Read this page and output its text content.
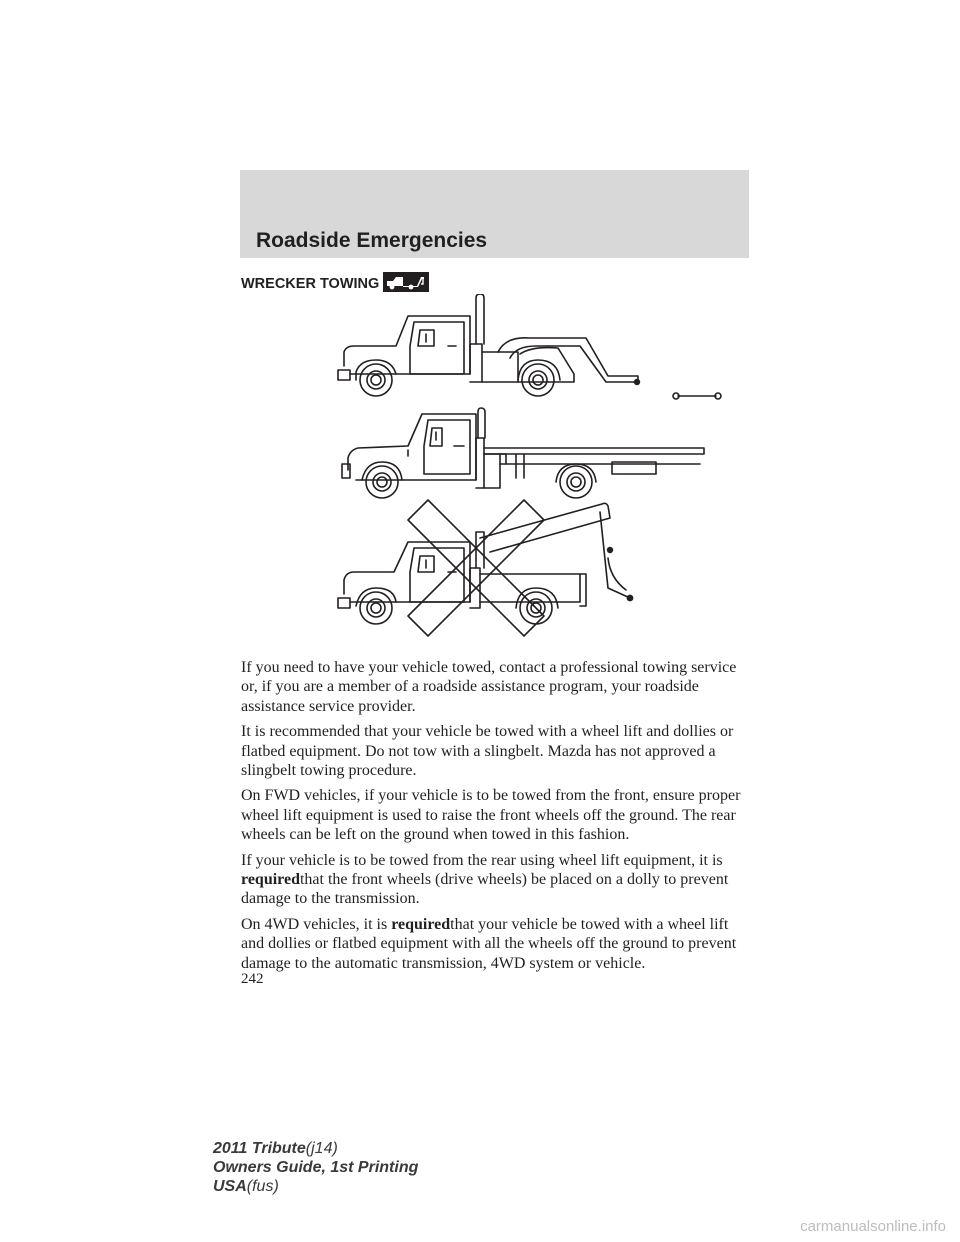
Roadside Emergencies
WRECKER TOWING

If you need to have your vehicle towed, contact a professional towing service or, if you are a member of a roadside assistance program, your roadside assistance service provider.

It is recommended that your vehicle be towed with a wheel lift and dollies or flatbed equipment. Do not tow with a slingbelt. Mazda has not approved a slingbelt towing procedure.

On FWD vehicles, if your vehicle is to be towed from the front, ensure proper wheel lift equipment is used to raise the front wheels off the ground. The rear wheels can be left on the ground when towed in this fashion.

If your vehicle is to be towed from the rear using wheel lift equipment, it is requiredthat the front wheels (drive wheels) be placed on a dolly to prevent damage to the transmission.

On 4WD vehicles, it is requiredthat your vehicle be towed with a wheel lift and dollies or flatbed equipment with all the wheels off the ground to prevent damage to the automatic transmission, 4WD system or vehicle.

242
2011 Tribute(j14)
Owners Guide, 1st Printing
USA(fus)
carmanualsonline.info
